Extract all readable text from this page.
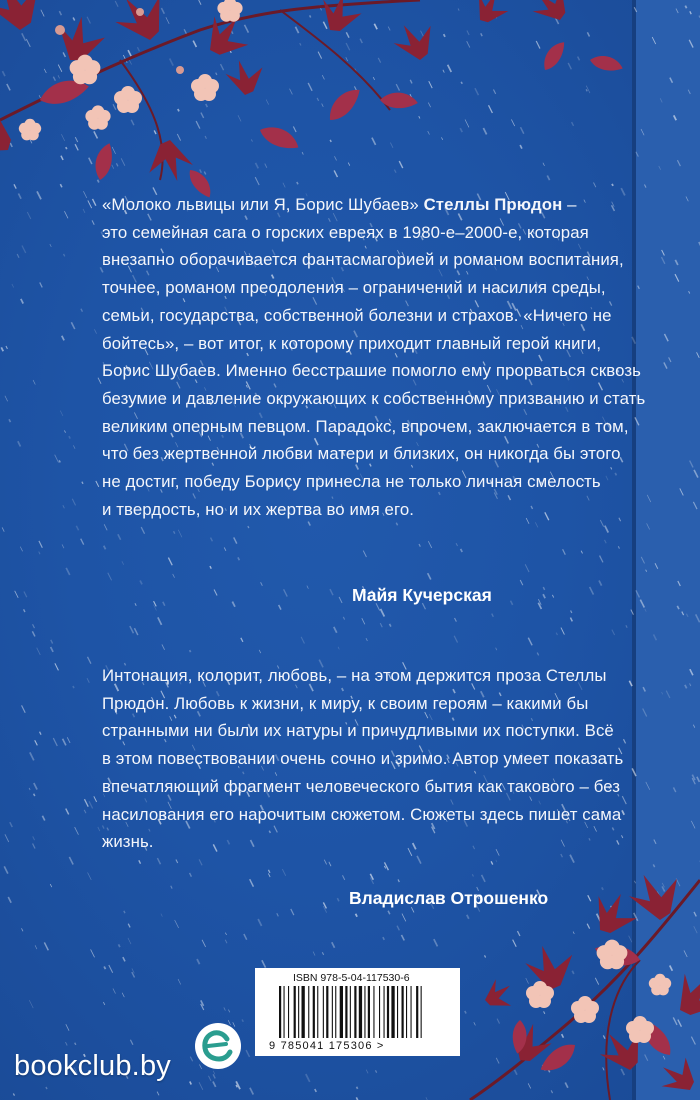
«Молоко львицы или Я, Борис Шубаев» Стеллы Прюдон –

это семейная сага о горских евреях в 1980-е–2000-е, которая

внезапно оборачивается фантасмагорией и романом воспитания,

точнее, романом преодоления – ограничений и насилия среды,

семьи, государства, собственной болезни и страхов. «Ничего не

бойтесь», – вот итог, к которому приходит главный герой книги,

Борис Шубаев. Именно бесстрашие помогло ему прорваться сквозь

безумие и давление окружающих к собственному призванию и стать

великим оперным певцом. Парадокс, впрочем, заключается в том,

что без жертвенной любви матери и близких, он никогда бы этого

не достиг, победу Борису принесла не только личная смелость

и твердость, но и их жертва во имя его.

Майя Кучерская

Интонация, колорит, любовь, – на этом держится проза Стеллы

Прюдон. Любовь к жизни, к миру, к своим героям – какими бы

странными ни были их натуры и причудливыми их поступки. Всё

в этом повествовании очень сочно и зримо. Автор умеет показать

впечатляющий фрагмент человеческого бытия как такового – без

насилования его нарочитым сюжетом. Сюжеты здесь пишет сама

жизнь.

Владислав Отрошенко
ISBN 978-5-04-117530-6
9 785041 175306 >
bookclub.by
